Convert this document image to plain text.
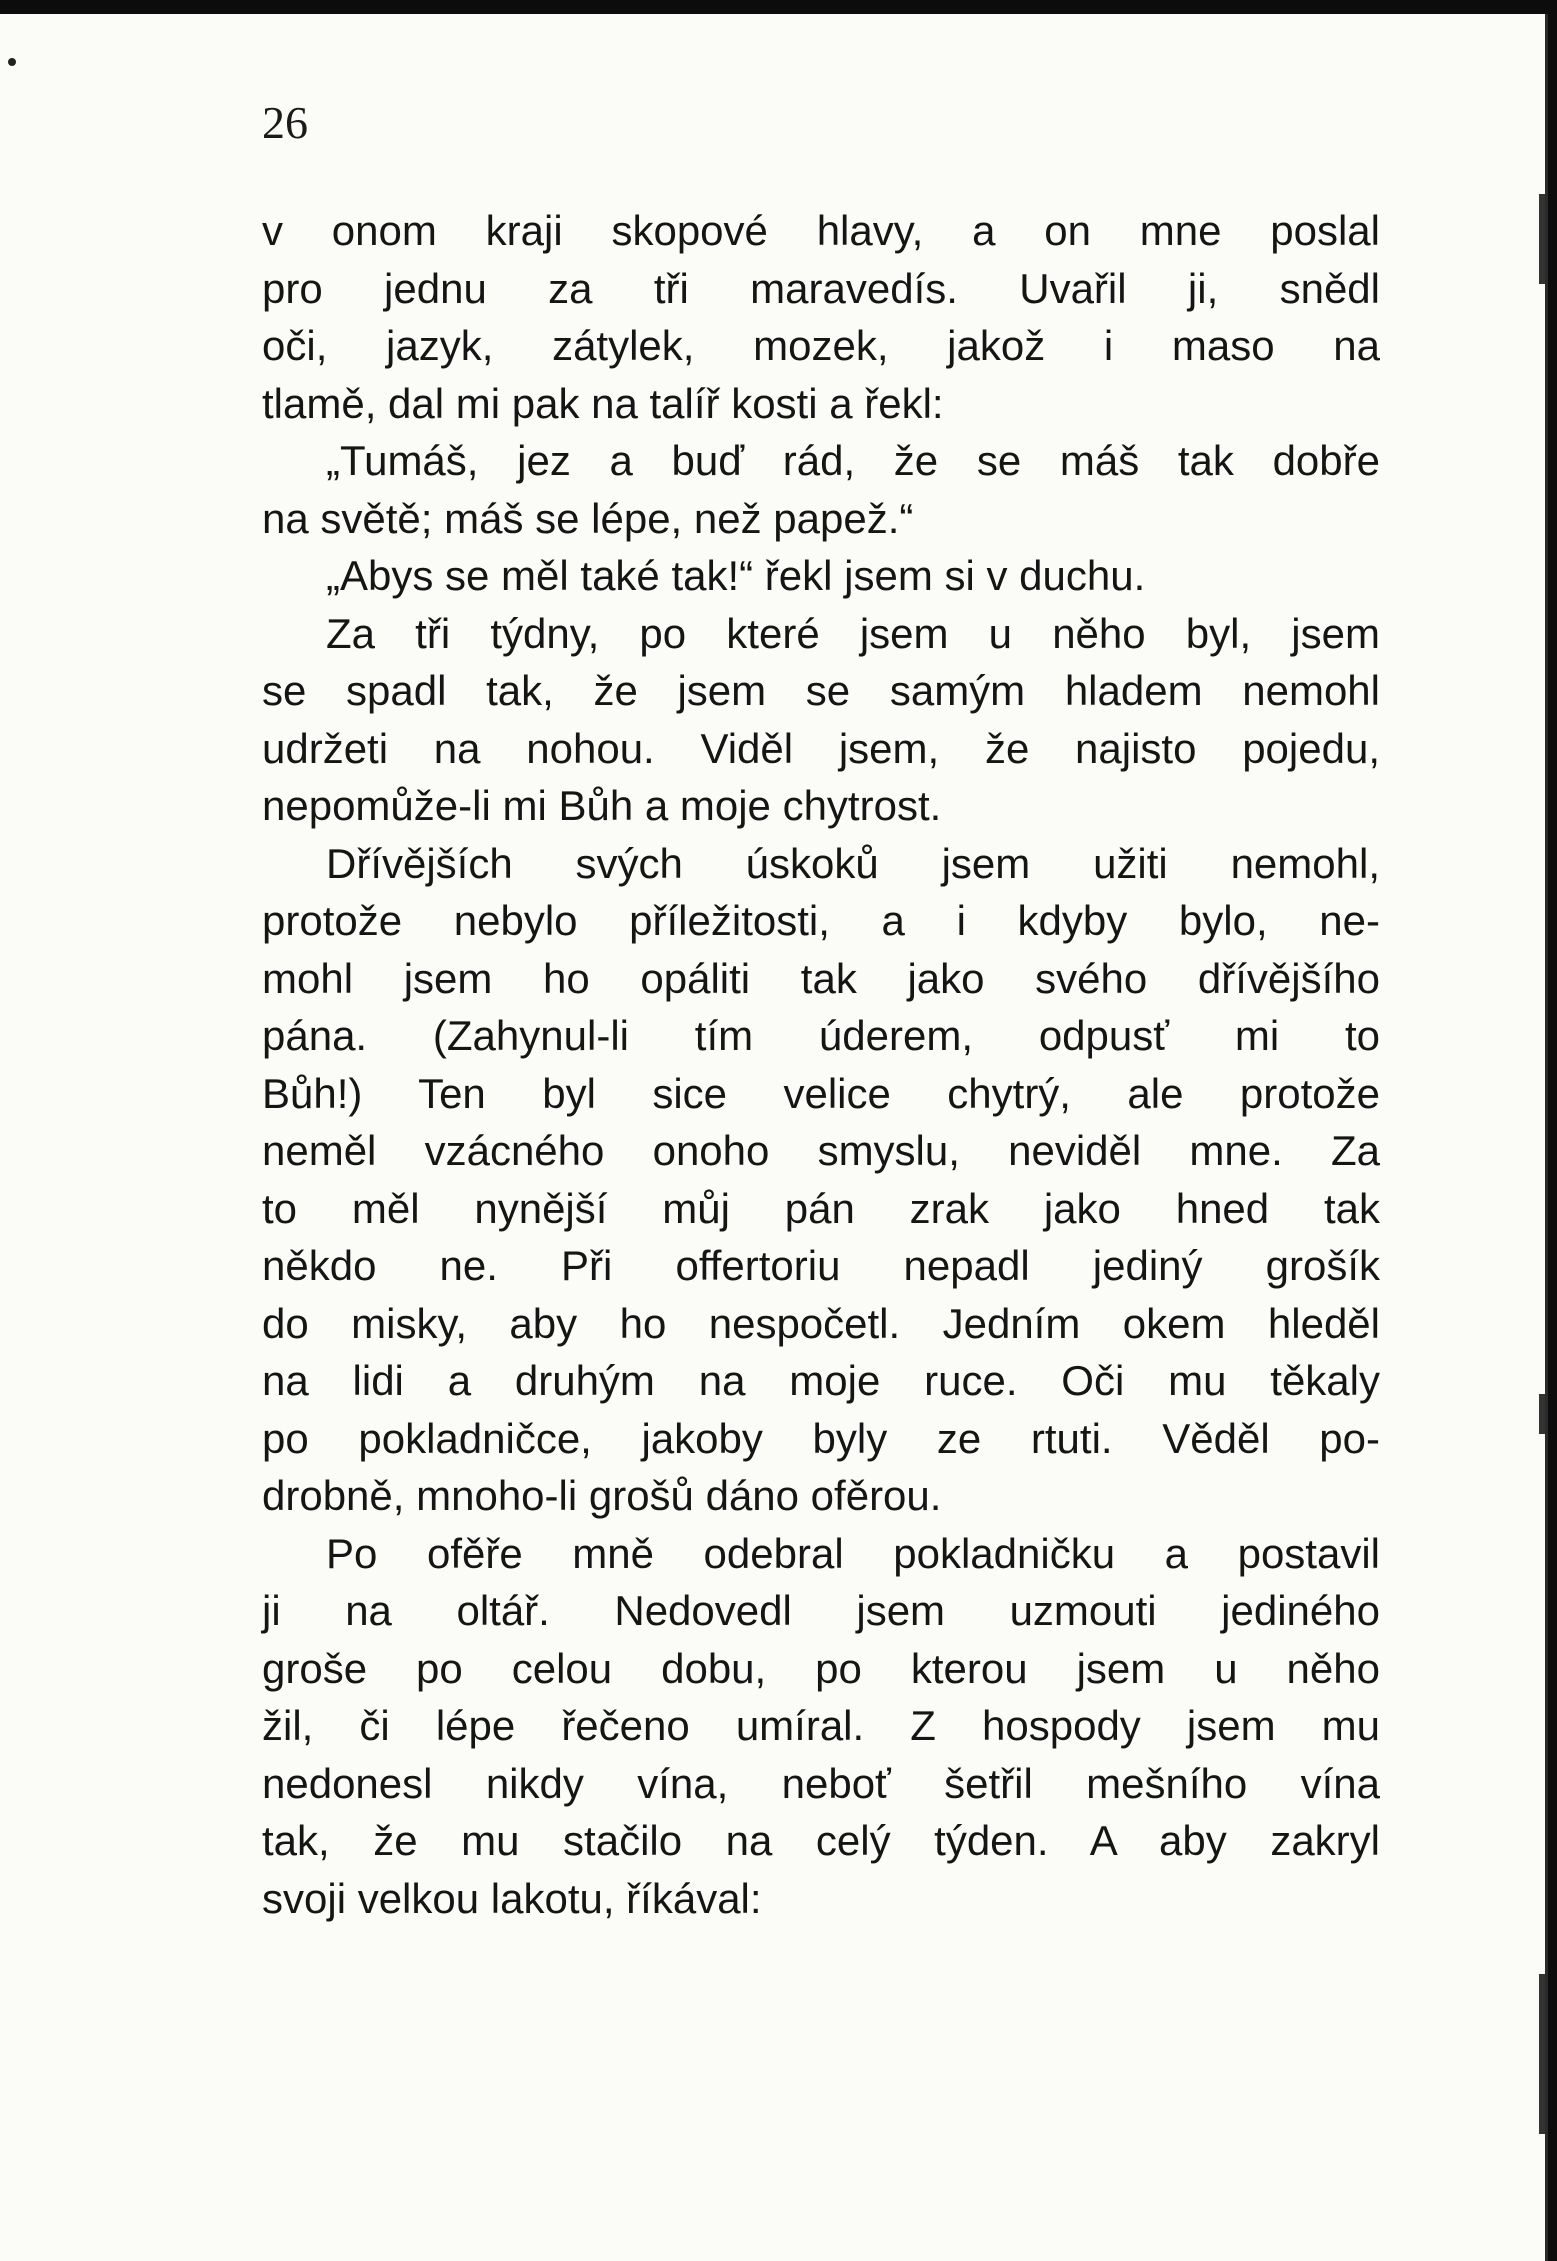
26
v onom kraji skopové hlavy, a on mne poslal
pro jednu za tři maravedís. Uvařil ji, snědl
oči, jazyk, zátylek, mozek, jakož i maso na
tlamě, dal mi pak na talíř kosti a řekl:
„Tumáš, jez a buď rád, že se máš tak dobře
na světě; máš se lépe, než papež.“
„Abys se měl také tak!“ řekl jsem si v duchu.
Za tři týdny, po které jsem u něho byl, jsem
se spadl tak, že jsem se samým hladem nemohl
udržeti na nohou. Viděl jsem, že najisto pojedu,
nepomůže-li mi Bůh a moje chytrost.
Dřívějších svých úskoků jsem užiti nemohl,
protože nebylo příležitosti, a i kdyby bylo, ne-
mohl jsem ho opáliti tak jako svého dřívějšího
pána. (Zahynul-li tím úderem, odpusť mi to
Bůh!) Ten byl sice velice chytrý, ale protože
neměl vzácného onoho smyslu, neviděl mne. Za
to měl nynější můj pán zrak jako hned tak
někdo ne. Při offertoriu nepadl jediný grošík
do misky, aby ho nespočetl. Jedním okem hleděl
na lidi a druhým na moje ruce. Oči mu těkaly
po pokladničce, jakoby byly ze rtuti. Věděl po-
drobně, mnoho-li grošů dáno ofěrou.
Po ofěře mně odebral pokladničku a postavil
ji na oltář. Nedovedl jsem uzmouti jediného
groše po celou dobu, po kterou jsem u něho
žil, či lépe řečeno umíral. Z hospody jsem mu
nedonesl nikdy vína, neboť šetřil mešního vína
tak, že mu stačilo na celý týden. A aby zakryl
svoji velkou lakotu, říkával:
